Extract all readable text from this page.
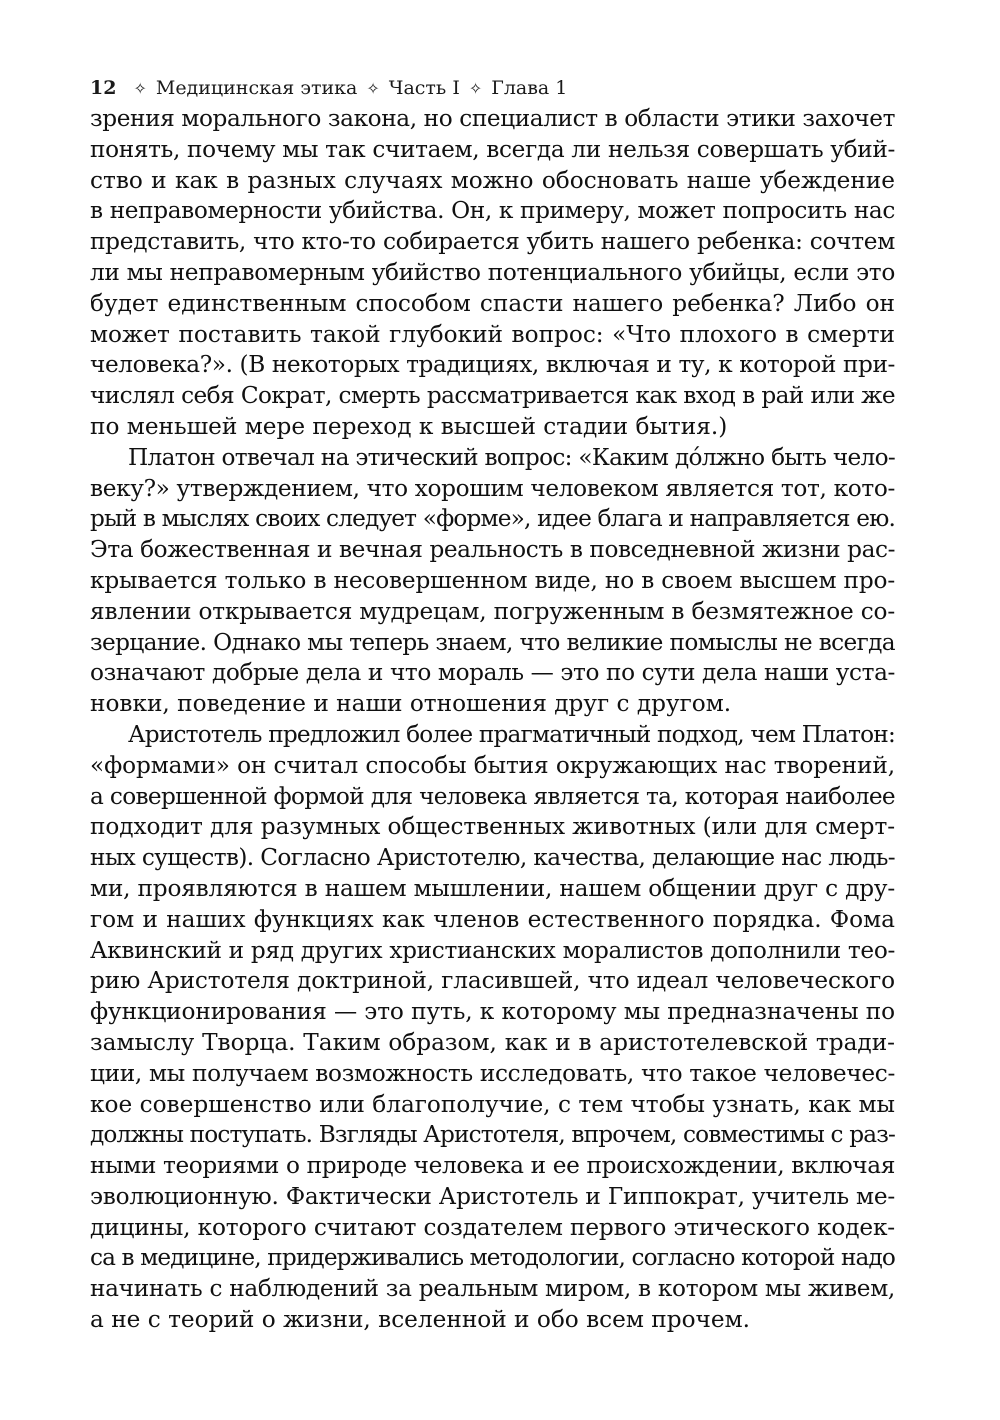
12 ✧ Медицинская этика ✧ Часть I ✧ Глава 1
зрения морального закона, но специалист в области этики захочет
понять, почему мы так считаем, всегда ли нельзя совершать убий-
ство и как в разных случаях можно обосновать наше убеждение
в неправомерности убийства. Он, к примеру, может попросить нас
представить, что кто-то собирается убить нашего ребенка: сочтем
ли мы неправомерным убийство потенциального убийцы, если это
будет единственным способом спасти нашего ребенка? Либо он
может поставить такой глубокий вопрос: «Что плохого в смерти
человека?». (В некоторых традициях, включая и ту, к которой при-
числял себя Сократ, смерть рассматривается как вход в рай или же
по меньшей мере переход к высшей стадии бытия.)
Платон отвечал на этический вопрос: «Каким дóлжно быть чело-
веку?» утверждением, что хорошим человеком является тот, кото-
рый в мыслях своих следует «форме», идее блага и направляется ею.
Эта божественная и вечная реальность в повседневной жизни рас-
крывается только в несовершенном виде, но в своем высшем про-
явлении открывается мудрецам, погруженным в безмятежное со-
зерцание. Однако мы теперь знаем, что великие помыслы не всегда
означают добрые дела и что мораль — это по сути дела наши уста-
новки, поведение и наши отношения друг с другом.
Аристотель предложил более прагматичный подход, чем Платон:
«формами» он считал способы бытия окружающих нас творений,
а совершенной формой для человека является та, которая наиболее
подходит для разумных общественных животных (или для смерт-
ных существ). Согласно Аристотелю, качества, делающие нас людь-
ми, проявляются в нашем мышлении, нашем общении друг с дру-
гом и наших функциях как членов естественного порядка. Фома
Аквинский и ряд других христианских моралистов дополнили тео-
рию Аристотеля доктриной, гласившей, что идеал человеческого
функционирования — это путь, к которому мы предназначены по
замыслу Творца. Таким образом, как и в аристотелевской тради-
ции, мы получаем возможность исследовать, что такое человечес-
кое совершенство или благополучие, с тем чтобы узнать, как мы
должны поступать. Взгляды Аристотеля, впрочем, совместимы с раз-
ными теориями о природе человека и ее происхождении, включая
эволюционную. Фактически Аристотель и Гиппократ, учитель ме-
дицины, которого считают создателем первого этического кодек-
са в медицине, придерживались методологии, согласно которой надо
начинать с наблюдений за реальным миром, в котором мы живем,
а не с теорий о жизни, вселенной и обо всем прочем.
